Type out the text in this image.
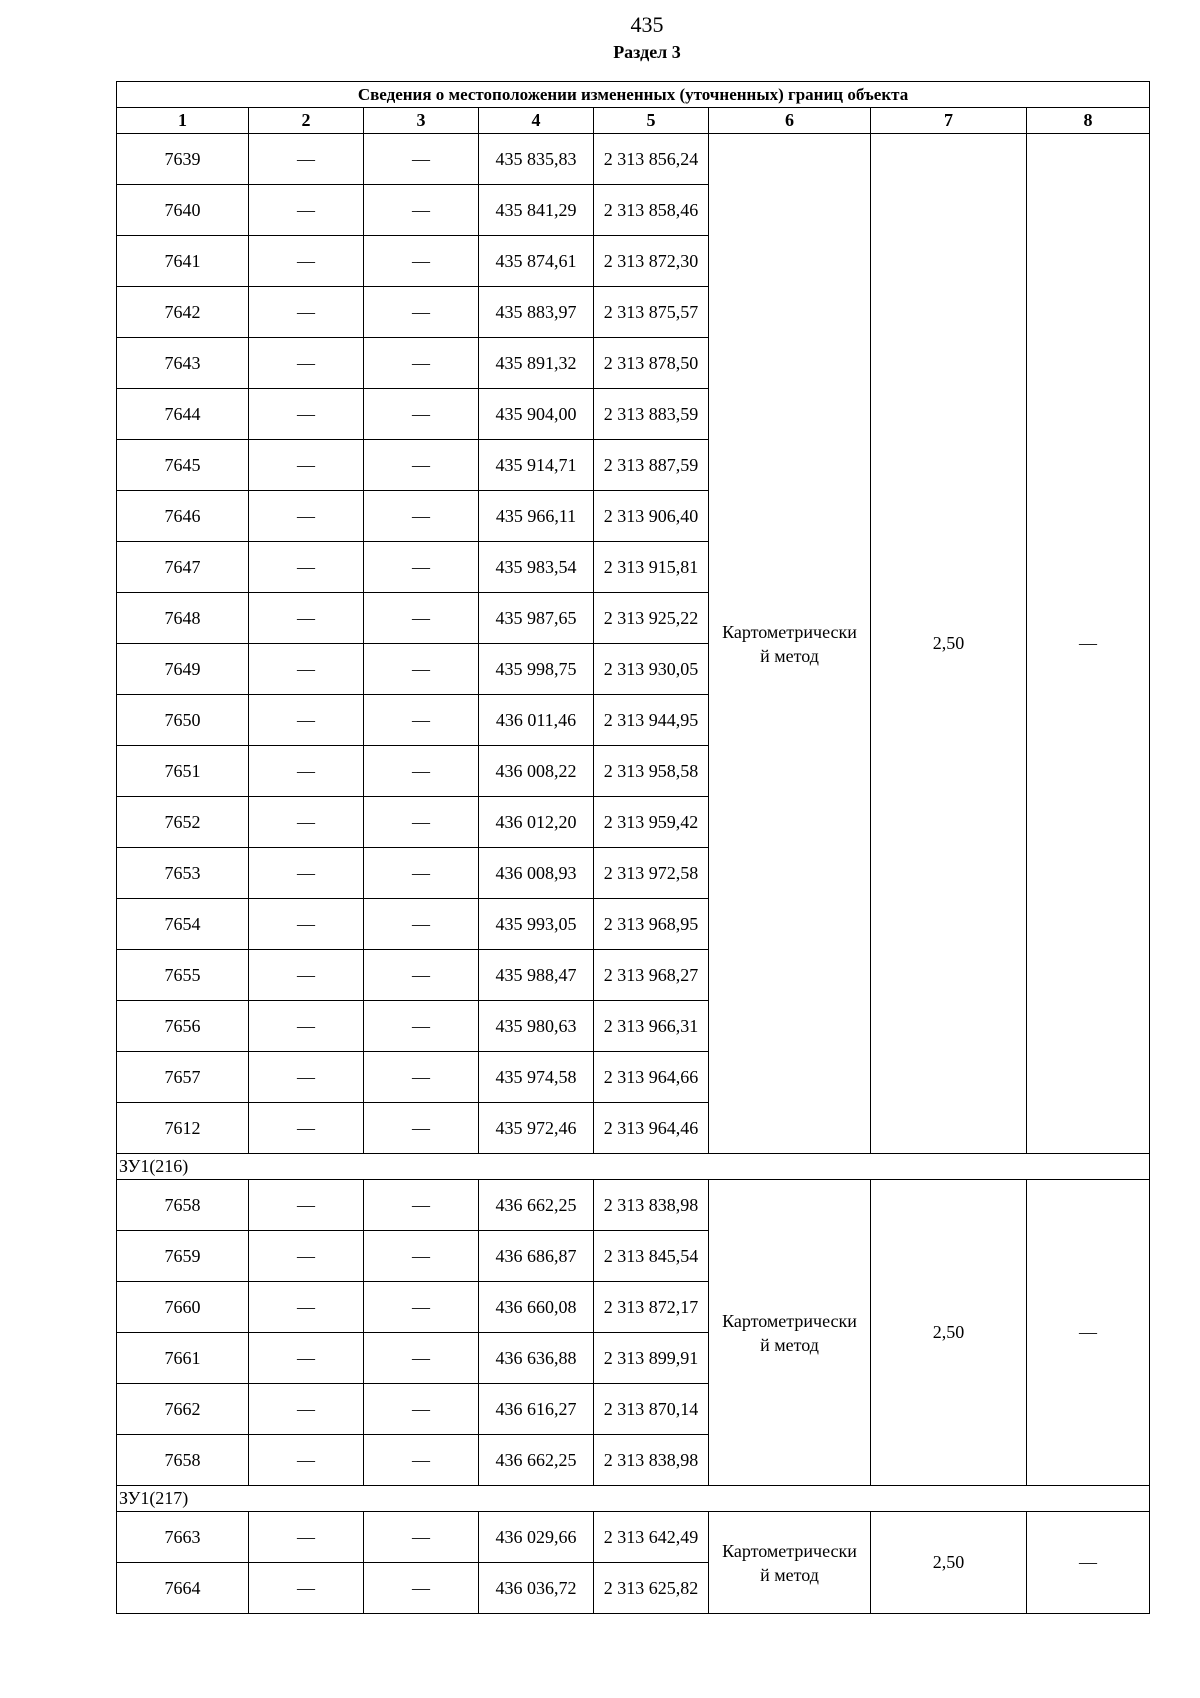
435
Раздел 3
Сведения о местоположении измененных (уточненных) границ объекта							
1	2	3	4	5	6	7	8
7639	—	—	435 835,83	2 313 856,24	Картометрически
й метод	2,50	—
7640	—	—	435 841,29	2 313 858,46			
7641	—	—	435 874,61	2 313 872,30			
7642	—	—	435 883,97	2 313 875,57			
7643	—	—	435 891,32	2 313 878,50			
7644	—	—	435 904,00	2 313 883,59			
7645	—	—	435 914,71	2 313 887,59			
7646	—	—	435 966,11	2 313 906,40			
7647	—	—	435 983,54	2 313 915,81			
7648	—	—	435 987,65	2 313 925,22			
7649	—	—	435 998,75	2 313 930,05			
7650	—	—	436 011,46	2 313 944,95			
7651	—	—	436 008,22	2 313 958,58			
7652	—	—	436 012,20	2 313 959,42			
7653	—	—	436 008,93	2 313 972,58			
7654	—	—	435 993,05	2 313 968,95			
7655	—	—	435 988,47	2 313 968,27			
7656	—	—	435 980,63	2 313 966,31			
7657	—	—	435 974,58	2 313 964,66			
7612	—	—	435 972,46	2 313 964,46			
ЗУ1(216)							
7658	—	—	436 662,25	2 313 838,98	Картометрически
й метод	2,50	—
7659	—	—	436 686,87	2 313 845,54			
7660	—	—	436 660,08	2 313 872,17			
7661	—	—	436 636,88	2 313 899,91			
7662	—	—	436 616,27	2 313 870,14			
7658	—	—	436 662,25	2 313 838,98			
ЗУ1(217)							
7663	—	—	436 029,66	2 313 642,49	Картометрически
й метод	2,50	—
7664	—	—	436 036,72	2 313 625,82			
